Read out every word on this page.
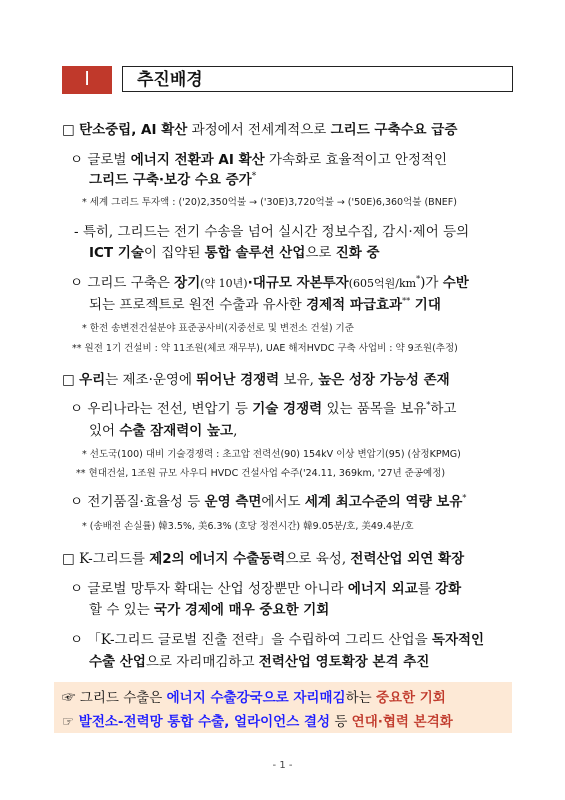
Ⅰ	추진배경
□ 탄소중립, AI 확산 과정에서 전세계적으로 그리드 구축수요 급증
ㅇ 글로벌 에너지 전환과 AI 확산 가속화로 효율적이고 안정적인
그리드 구축·보강 수요 증가*
* 세계 그리드 투자액 : ('20)2,350억불 → ('30E)3,720억불 → ('50E)6,360억불 (BNEF)
- 특히, 그리드는 전기 수송을 넘어 실시간 정보수집, 감시·제어 등의
ICT 기술이 집약된 통합 솔루션 산업으로 진화 중
ㅇ 그리드 구축은 장기(약 10년)·대규모 자본투자(605억원/km*)가 수반
되는 프로젝트로 원전 수출과 유사한 경제적 파급효과** 기대
* 한전 송변전건설분야 표준공사비(지중선로 및 변전소 건설) 기준
** 원전 1기 건설비 : 약 11조원(체코 재무부), UAE 해저HVDC 구축 사업비 : 약 9조원(추정)
□ 우리는 제조·운영에 뛰어난 경쟁력 보유, 높은 성장 가능성 존재
ㅇ 우리나라는 전선, 변압기 등 기술 경쟁력 있는 품목을 보유*하고
있어 수출 잠재력이 높고,
* 선도국(100) 대비 기술경쟁력 : 초고압 전력선(90) 154kV 이상 변압기(95) (삼정KPMG)
** 현대건설, 1조원 규모 사우디 HVDC 건설사업 수주('24.11, 369km, '27년 준공예정)
ㅇ 전기품질·효율성 등 운영 측면에서도 세계 최고수준의 역량 보유*
* (송배전 손실률) 韓3.5%, 美6.3% (호당 정전시간) 韓9.05분/호, 美49.4분/호
□ K-그리드를 제2의 에너지 수출동력으로 육성, 전력산업 외연 확장
ㅇ 글로벌 망투자 확대는 산업 성장뿐만 아니라 에너지 외교를 강화
할 수 있는 국가 경제에 매우 중요한 기회
ㅇ 「K-그리드 글로벌 진출 전략」을 수립하여 그리드 산업을 독자적인
수출 산업으로 자리매김하고 전력산업 영토확장 본격 추진
☞ 그리드 수출은 에너지 수출강국으로 자리매김하는 중요한 기회
☞ 발전소-전력망 통합 수출, 얼라이언스 결성 등 연대·협력 본격화
- 1 -
